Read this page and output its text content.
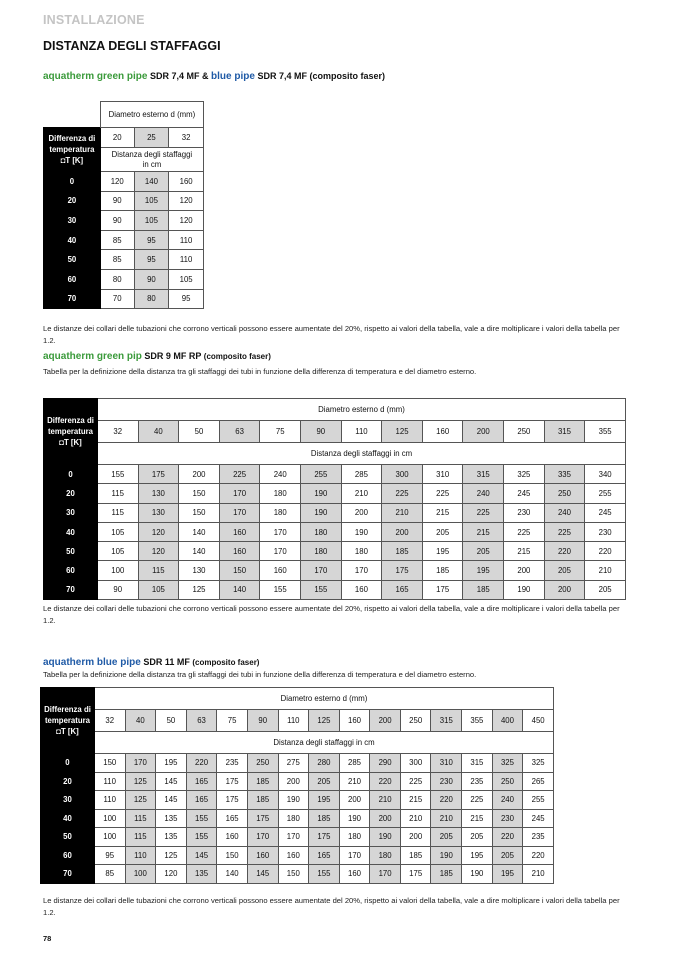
INSTALLAZIONE
DISTANZA DEGLI STAFFAGGI
aquatherm green pipe SDR 7,4 MF & blue pipe SDR 7,4 MF (composito faser)
	Diametro esterno d (mm)		

Differenza di
temperatura
◘T [K]	20	25	32

	Distanza degli staffaggi
in cm		

0	120	140	160
20	90	105	120
30	90	105	120
40	85	95	110
50	85	95	110
60	80	90	105
70	70	80	95
Le distanze dei collari delle tubazioni che corrono verticali possono essere aumentate del 20%, rispetto ai valori della tabella, vale a dire moltiplicare i valori della tabella per 1.2.
aquatherm green pip SDR 9 MF RP (composito faser)
Tabella per la definizione della distanza tra gli staffaggi dei tubi in funzione della differenza di temperatura e del diametro esterno.
Differenza di
temperatura
◘T [K]	Diametro esterno d (mm)												
	32	40	50	63	75	90	110	125	160	200	250	315	355
	Distanza degli staffaggi in cm												
0	155	175	200	225	240	255	285	300	310	315	325	335	340
20	115	130	150	170	180	190	210	225	225	240	245	250	255
30	115	130	150	170	180	190	200	210	215	225	230	240	245
40	105	120	140	160	170	180	190	200	205	215	225	225	230
50	105	120	140	160	170	180	180	185	195	205	215	220	220
60	100	115	130	150	160	170	170	175	185	195	200	205	210
70	90	105	125	140	155	155	160	165	175	185	190	200	205
Le distanze dei collari delle tubazioni che corrono verticali possono essere aumentate del 20%, rispetto ai valori della tabella, vale a dire moltiplicare i valori della tabella per 1.2.
aquatherm blue pipe SDR 11 MF (composito faser)
Tabella per la definizione della distanza tra gli staffaggi dei tubi in funzione della differenza di temperatura e del diametro esterno.
Differenza di
temperatura
◘T [K]	Diametro esterno d (mm)														
	32	40	50	63	75	90	110	125	160	200	250	315	355	400	450
	Distanza degli staffaggi in cm														
0	150	170	195	220	235	250	275	280	285	290	300	310	315	325	325
20	110	125	145	165	175	185	200	205	210	220	225	230	235	250	265
30	110	125	145	165	175	185	190	195	200	210	215	220	225	240	255
40	100	115	135	155	165	175	180	185	190	200	210	210	215	230	245
50	100	115	135	155	160	170	170	175	180	190	200	205	205	220	235
60	95	110	125	145	150	160	160	165	170	180	185	190	195	205	220
70	85	100	120	135	140	145	150	155	160	170	175	185	190	195	210
Le distanze dei collari delle tubazioni che corrono verticali possono essere aumentate del 20%, rispetto ai valori della tabella, vale a dire moltiplicare i valori della tabella per 1.2.
78
